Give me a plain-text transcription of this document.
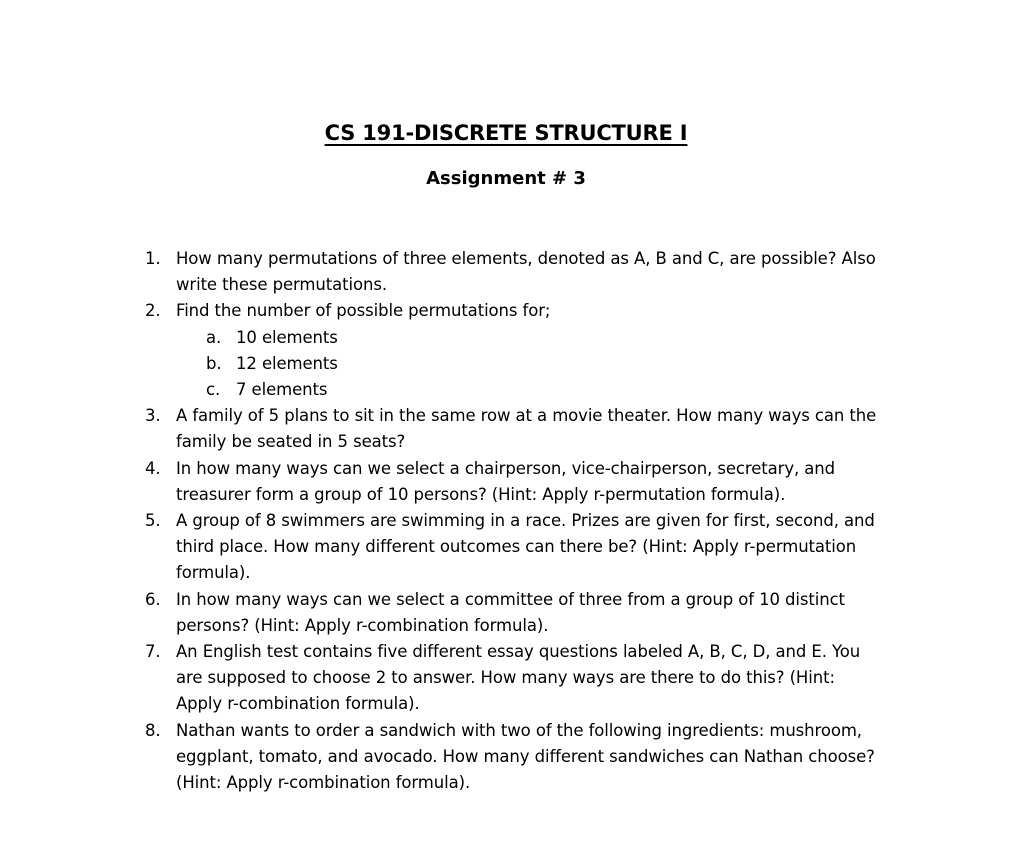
CS 191-DISCRETE STRUCTURE I
Assignment # 3
1. How many permutations of three elements, denoted as A, B and C, are possible? Also write these permutations.
2. Find the number of possible permutations for;
a. 10 elements
b. 12 elements
c. 7 elements
3. A family of 5 plans to sit in the same row at a movie theater. How many ways can the family be seated in 5 seats?
4. In how many ways can we select a chairperson, vice-chairperson, secretary, and treasurer form a group of 10 persons? (Hint: Apply r-permutation formula).
5. A group of 8 swimmers are swimming in a race. Prizes are given for first, second, and third place. How many different outcomes can there be? (Hint: Apply r-permutation formula).
6. In how many ways can we select a committee of three from a group of 10 distinct persons? (Hint: Apply r-combination formula).
7. An English test contains five different essay questions labeled A, B, C, D, and E. You are supposed to choose 2 to answer. How many ways are there to do this? (Hint: Apply r-combination formula).
8. Nathan wants to order a sandwich with two of the following ingredients: mushroom, eggplant, tomato, and avocado. How many different sandwiches can Nathan choose? (Hint: Apply r-combination formula).
